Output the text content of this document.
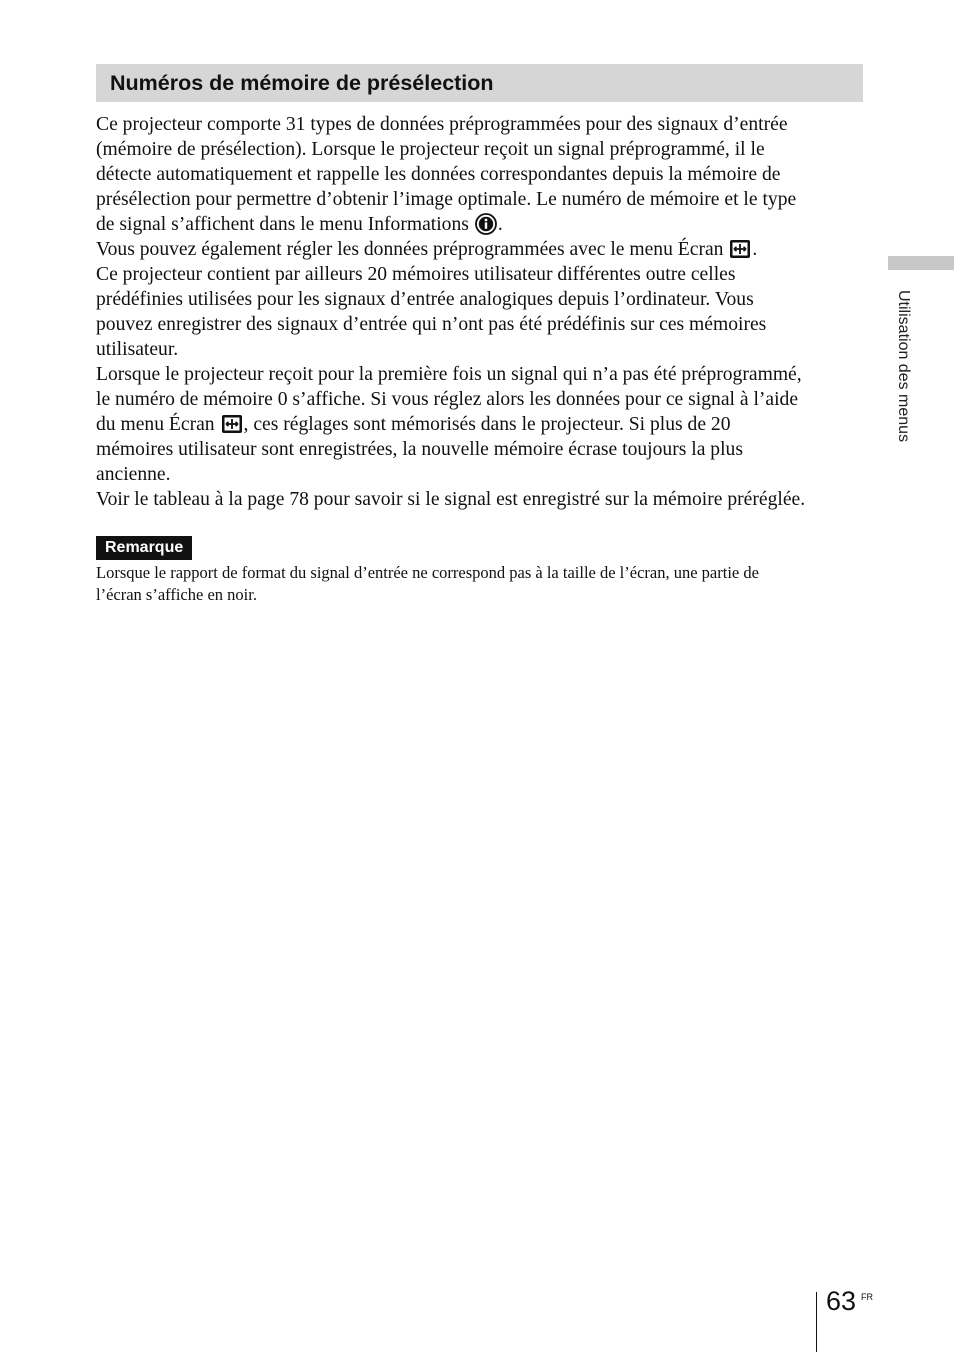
Numéros de mémoire de présélection
Ce projecteur comporte 31 types de données préprogrammées pour des signaux d’entrée
(mémoire de présélection). Lorsque le projecteur reçoit un signal préprogrammé, il le
détecte automatiquement et rappelle les données correspondantes depuis la mémoire de
présélection pour permettre d’obtenir l’image optimale. Le numéro de mémoire et le type
de signal s’affichent dans le menu Informations .
Vous pouvez également régler les données préprogrammées avec le menu Écran .
Ce projecteur contient par ailleurs 20 mémoires utilisateur différentes outre celles
prédéfinies utilisées pour les signaux d’entrée analogiques depuis l’ordinateur. Vous
pouvez enregistrer des signaux d’entrée qui n’ont pas été prédéfinis sur ces mémoires
utilisateur.
Lorsque le projecteur reçoit pour la première fois un signal qui n’a pas été préprogrammé,
le numéro de mémoire 0 s’affiche. Si vous réglez alors les données pour ce signal à l’aide
du menu Écran , ces réglages sont mémorisés dans le projecteur. Si plus de 20
mémoires utilisateur sont enregistrées, la nouvelle mémoire écrase toujours la plus
ancienne.
Voir le tableau à la page 78 pour savoir si le signal est enregistré sur la mémoire préréglée.
Remarque
Lorsque le rapport de format du signal d’entrée ne correspond pas à la taille de l’écran, une partie de
l’écran s’affiche en noir.
Utilisation des menus
63 FR
